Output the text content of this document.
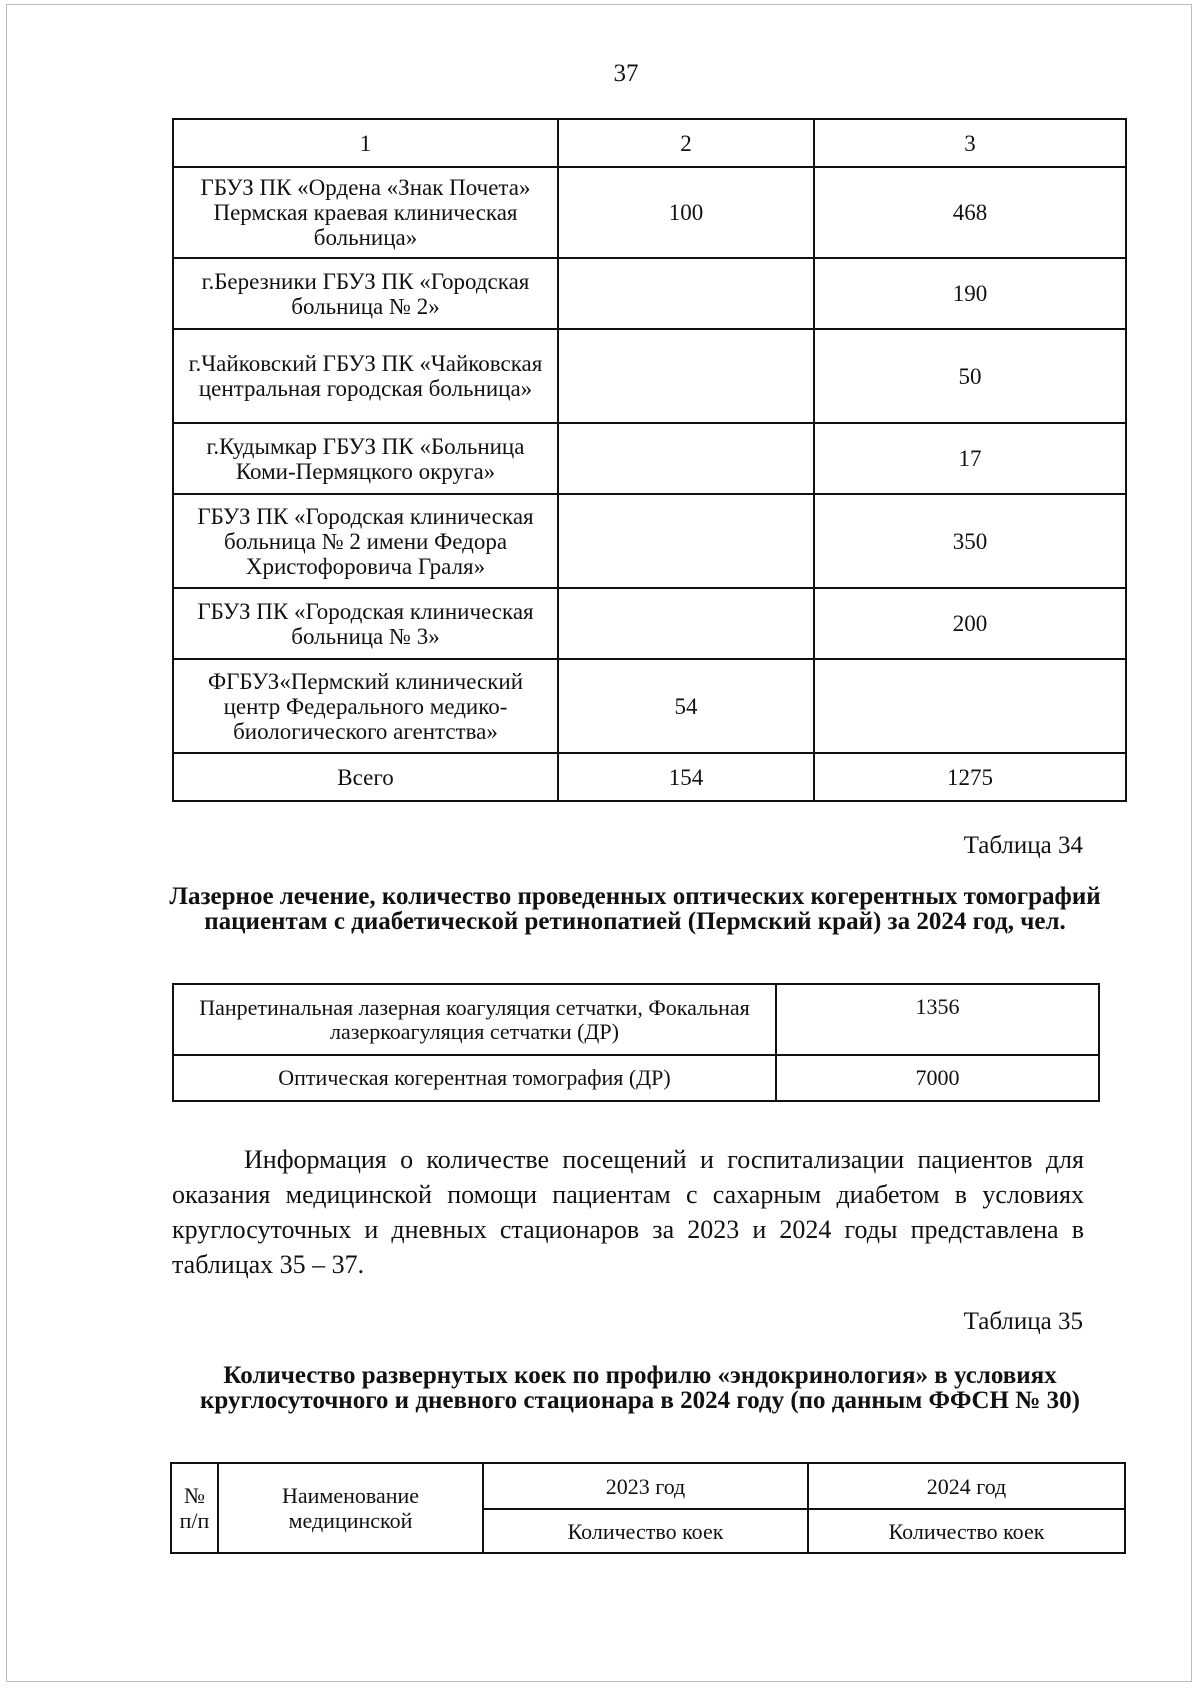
37
1	2	3
ГБУЗ ПК «Ордена «Знак Почета» Пермская краевая клиническая больница»	100	468
г.Березники ГБУЗ ПК «Городская больница № 2»		190
г.Чайковский ГБУЗ ПК «Чайковская центральная городская больница»		50
г.Кудымкар ГБУЗ ПК «Больница Коми-Пермяцкого округа»		17
ГБУЗ ПК «Городская клиническая больница № 2 имени Федора Христофоровича Граля»		350
ГБУЗ ПК «Городская клиническая больница № 3»		200
ФГБУЗ«Пермский клинический центр Федерального медико-биологического агентства»	54	
Всего	154	1275
Таблица 34
Лазерное лечение, количество проведенных оптических когерентных томографий пациентам с диабетической ретинопатией (Пермский край) за 2024 год, чел.
Панретинальная лазерная коагуляция сетчатки, Фокальная лазеркоагуляция сетчатки (ДР)	1356
Оптическая когерентная томография (ДР)	7000
Информация о количестве посещений и госпитализации пациентов для оказания медицинской помощи пациентам с сахарным диабетом в условиях круглосуточных и дневных стационаров за 2023 и 2024 годы представлена в таблицах 35 – 37.
Таблица 35
Количество развернутых коек по профилю «эндокринология» в условиях круглосуточного и дневного стационара в 2024 году (по данным ФФСН № 30)
№ п/п	Наименование медицинской	2023 год	2024 год
		Количество коек	Количество коек
